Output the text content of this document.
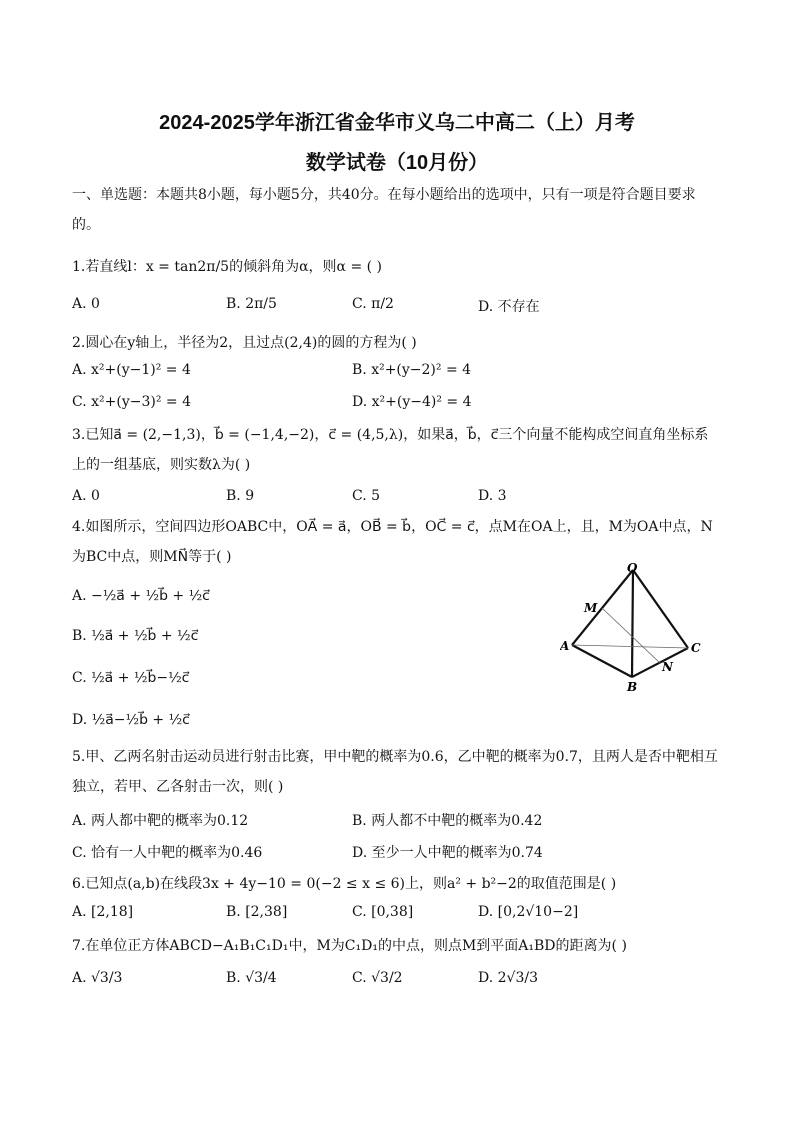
2024-2025学年浙江省金华市义乌二中高二（上）月考
数学试卷（10月份）
一、单选题：本题共8小题，每小题5分，共40分。在每小题给出的选项中，只有一项是符合题目要求的。
1.若直线l：x = tan2π/5的倾斜角为α，则α = ( )
A. 0	B. 2π/5	C. π/2	D. 不存在
2.圆心在y轴上，半径为2，且过点(2,4)的圆的方程为( )
A. x²+(y−1)² = 4	B. x²+(y−2)² = 4
C. x²+(y−3)² = 4	D. x²+(y−4)² = 4
3.已知a⃗ = (2,−1,3)，b⃗ = (−1,4,−2)，c⃗ = (4,5,λ)，如果a⃗，b⃗，c⃗三个向量不能构成空间直角坐标系上的一组基底，则实数λ为( )
A. 0	B. 9	C. 5	D. 3
4.如图所示，空间四边形OABC中，OA⃗ = a⃗，OB⃗ = b⃗，OC⃗ = c⃗，点M在OA上，且，M为OA中点，N为BC中点，则MN⃗等于( )
A. −½a⃗ + ½b⃗ + ½c⃗
B. ½a⃗ + ½b⃗ + ½c⃗
C. ½a⃗ + ½b⃗−½c⃗
D. ½a⃗−½b⃗ + ½c⃗
O
M
A	C
N
B
5.甲、乙两名射击运动员进行射击比赛，甲中靶的概率为0.6，乙中靶的概率为0.7，且两人是否中靶相互独立，若甲、乙各射击一次，则( )
A. 两人都中靶的概率为0.12	B. 两人都不中靶的概率为0.42
C. 恰有一人中靶的概率为0.46	D. 至少一人中靶的概率为0.74
6.已知点(a,b)在线段3x + 4y−10 = 0(−2 ≤ x ≤ 6)上，则a² + b²−2的取值范围是( )
A. [2,18]	B. [2,38]	C. [0,38]	D. [0,2√10−2]
7.在单位正方体ABCD−A₁B₁C₁D₁中，M为C₁D₁的中点，则点M到平面A₁BD的距离为( )
A. √3/3	B. √3/4	C. √3/2	D. 2√3/3
